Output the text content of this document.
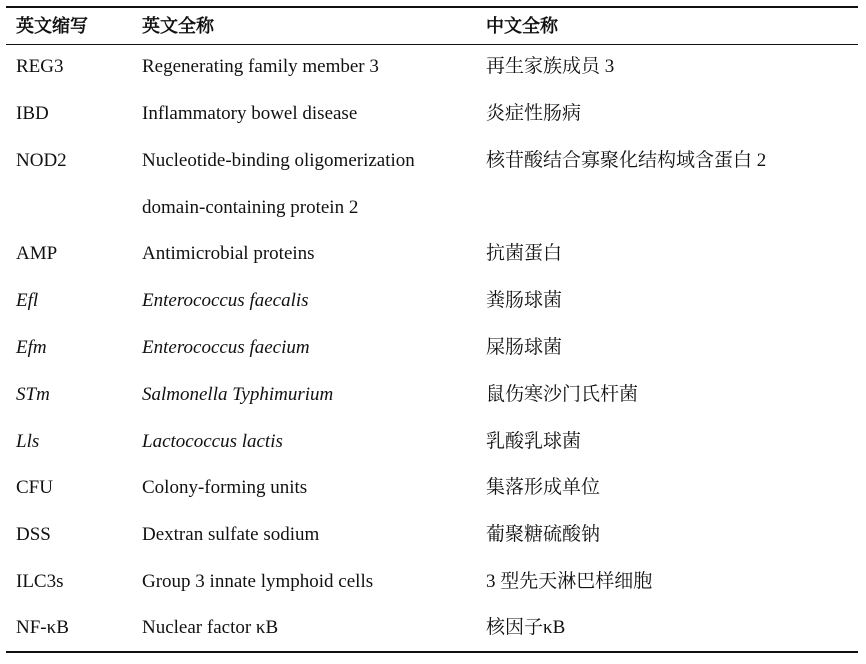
英文缩写	英文全称	中文全称
REG3	Regenerating family member 3	再生家族成员 3
IBD	Inflammatory bowel disease	炎症性肠病
NOD2	Nucleotide-binding oligomerization	核苷酸结合寡聚化结构域含蛋白 2
domain-containing protein 2
AMP	Antimicrobial proteins	抗菌蛋白
Efl	Enterococcus faecalis	粪肠球菌
Efm	Enterococcus faecium	屎肠球菌
STm	Salmonella Typhimurium	鼠伤寒沙门氏杆菌
Lls	Lactococcus lactis	乳酸乳球菌
CFU	Colony-forming units	集落形成单位
DSS	Dextran sulfate sodium	葡聚糖硫酸钠
ILC3s	Group 3 innate lymphoid cells	3 型先天淋巴样细胞
NF-κB	Nuclear factor κB	核因子κB
